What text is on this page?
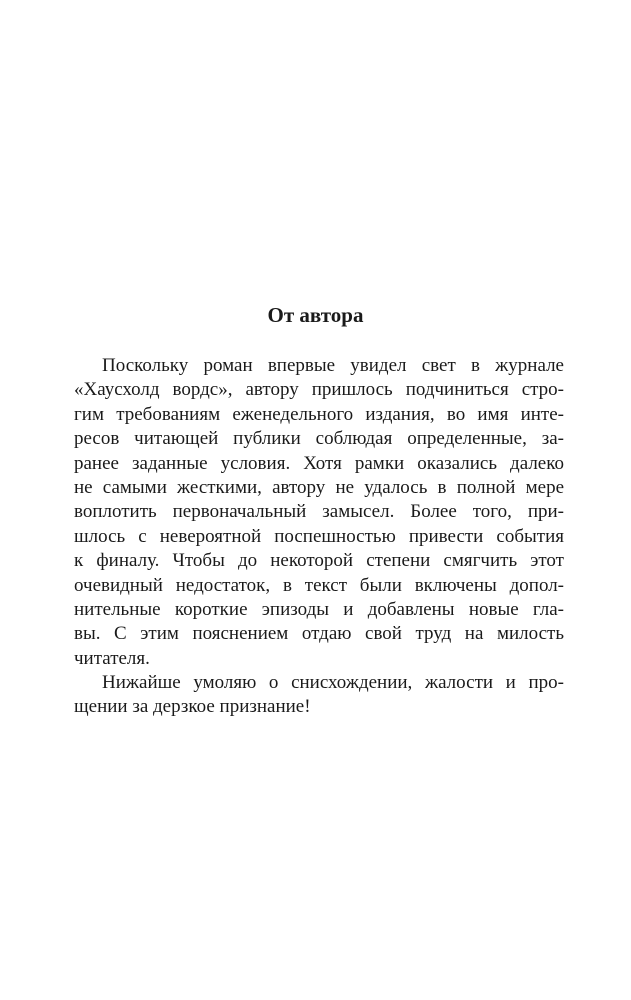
От автора
Поскольку роман впервые увидел свет в журнале
«Хаусхолд вордс», автору пришлось подчиниться стро-
гим требованиям еженедельного издания, во имя инте-
ресов читающей публики соблюдая определенные, за-
ранее заданные условия. Хотя рамки оказались далеко
не самыми жесткими, автору не удалось в полной мере
воплотить первоначальный замысел. Более того, при-
шлось с невероятной поспешностью привести события
к финалу. Чтобы до некоторой степени смягчить этот
очевидный недостаток, в текст были включены допол-
нительные короткие эпизоды и добавлены новые гла-
вы. С этим пояснением отдаю свой труд на милость
читателя.
Нижайше умоляю о снисхождении, жалости и про-
щении за дерзкое признание!
